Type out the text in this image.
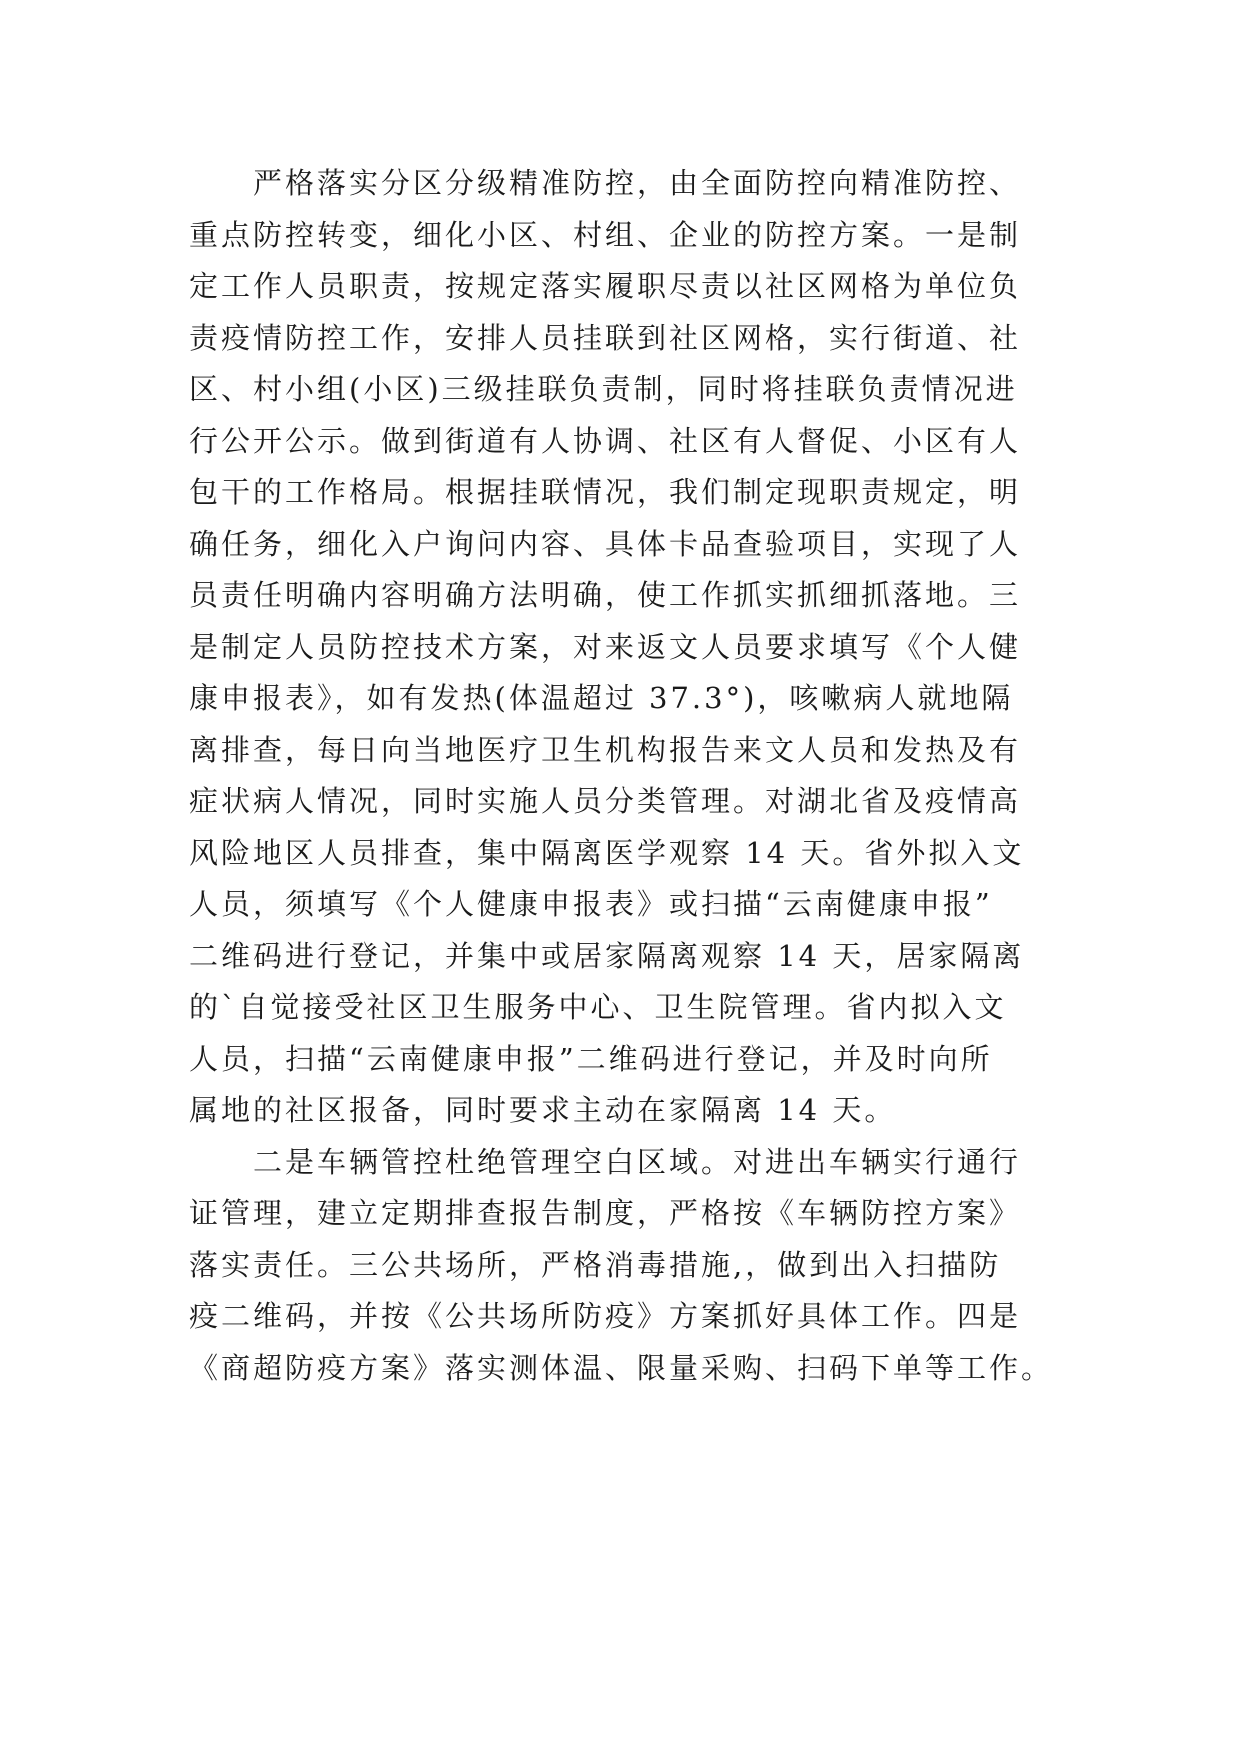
　　严格落实分区分级精准防控，由全面防控向精准防控、
重点防控转变，细化小区、村组、企业的防控方案。一是制
定工作人员职责，按规定落实履职尽责以社区网格为单位负
责疫情防控工作，安排人员挂联到社区网格，实行街道、社
区、村小组(小区)三级挂联负责制，同时将挂联负责情况进
行公开公示。做到街道有人协调、社区有人督促、小区有人
包干的工作格局。根据挂联情况，我们制定现职责规定，明
确任务，细化入户询问内容、具体卡品查验项目，实现了人
员责任明确内容明确方法明确，使工作抓实抓细抓落地。三
是制定人员防控技术方案，对来返文人员要求填写《个人健
康申报表》，如有发热(体温超过 37.3°)，咳嗽病人就地隔
离排查，每日向当地医疗卫生机构报告来文人员和发热及有
症状病人情况，同时实施人员分类管理。对湖北省及疫情高
风险地区人员排查，集中隔离医学观察 14 天。省外拟入文
人员，须填写《个人健康申报表》或扫描“云南健康申报”
二维码进行登记，并集中或居家隔离观察 14 天，居家隔离
的`自觉接受社区卫生服务中心、卫生院管理。省内拟入文
人员，扫描“云南健康申报”二维码进行登记，并及时向所
属地的社区报备，同时要求主动在家隔离 14 天。
　　二是车辆管控杜绝管理空白区域。对进出车辆实行通行
证管理，建立定期排查报告制度，严格按《车辆防控方案》
落实责任。三公共场所，严格消毒措施,，做到出入扫描防
疫二维码，并按《公共场所防疫》方案抓好具体工作。四是
《商超防疫方案》落实测体温、限量采购、扫码下单等工作。
